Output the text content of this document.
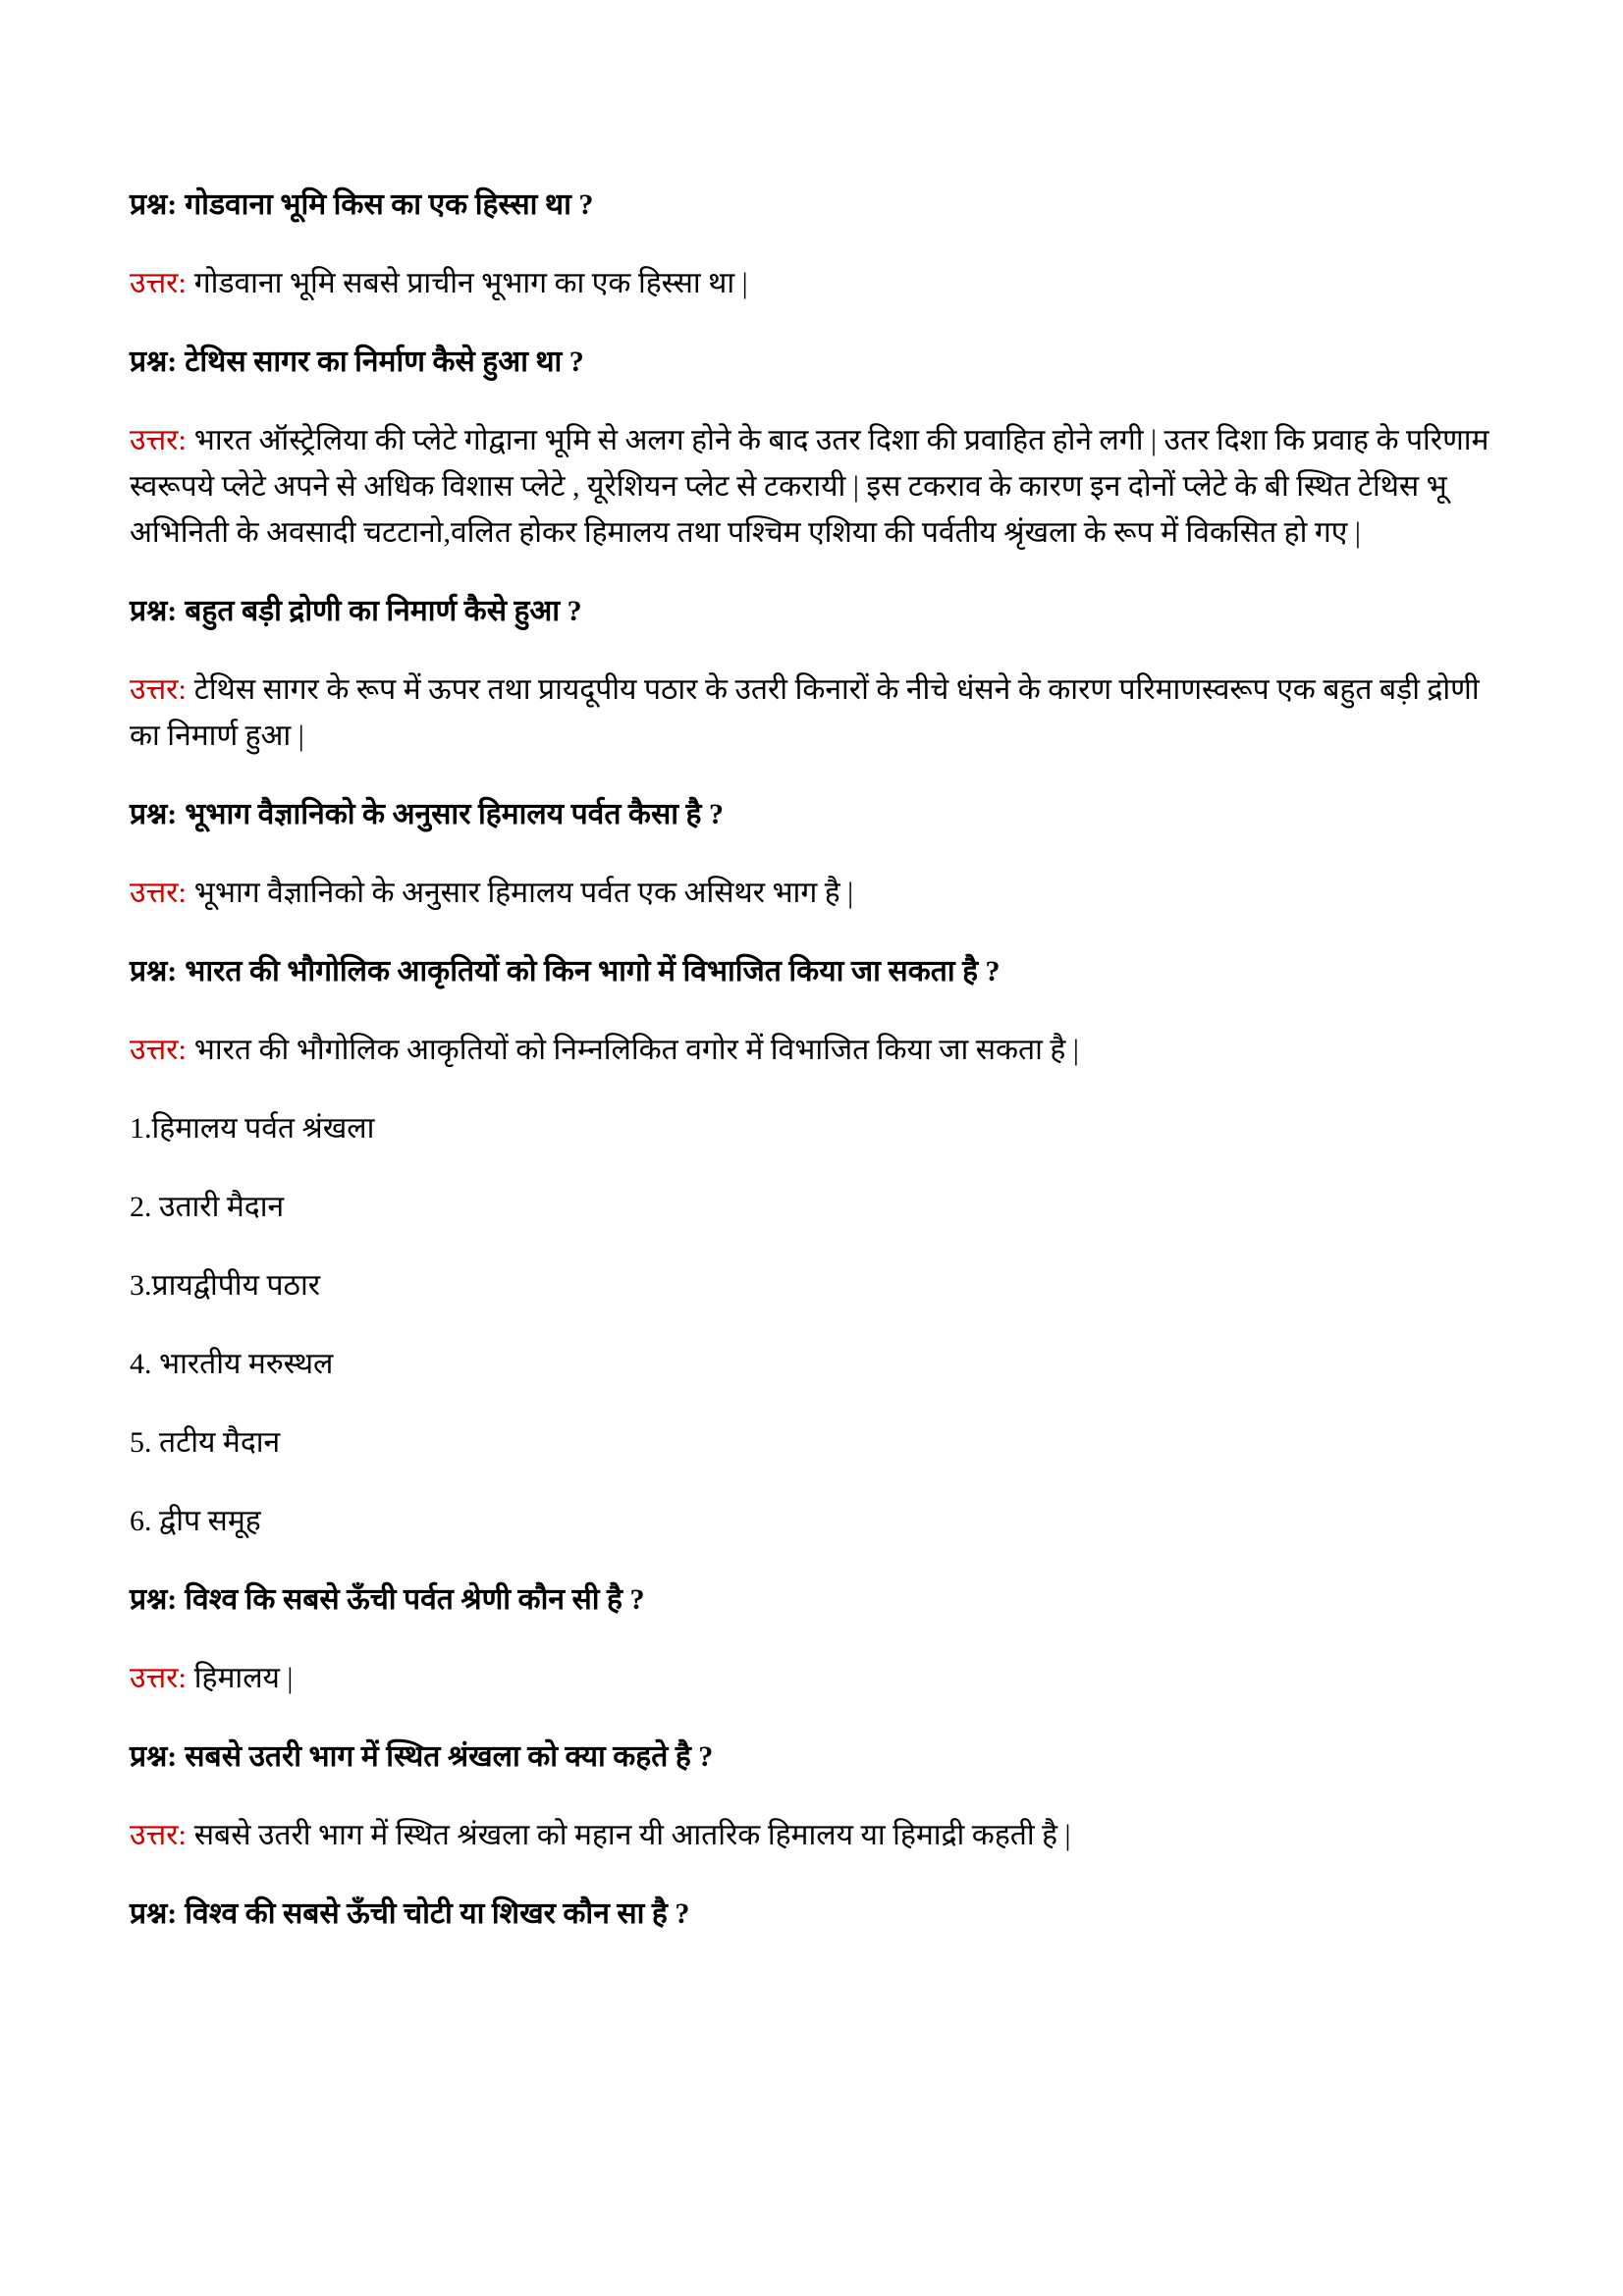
प्रश्न: गोडवाना भूमि किस का एक हिस्सा था ?

उत्तर: गोडवाना भूमि सबसे प्राचीन भूभाग का एक हिस्सा था |

प्रश्न: टेथिस सागर का निर्माण कैसे हुआ था ?

उत्तर: भारत ऑस्ट्रेलिया की प्लेटे गोद्वाना भूमि से अलग होने के बाद उतर दिशा की प्रवाहित होने लगी | उतर दिशा कि प्रवाह के परिणाम स्वरूपये प्लेटे अपने से अधिक विशास प्लेटे , यूरेशियन प्लेट से टकरायी | इस टकराव के कारण इन दोनों प्लेटे के बी स्थित टेथिस भू अभिनिती के अवसादी चटटानो,वलित होकर हिमालय तथा पश्चिम एशिया की पर्वतीय श्रृंखला के रूप में विकसित हो गए |

प्रश्न: बहुत बड़ी द्रोणी का निमार्ण कैसे हुआ ?

उत्तर: टेथिस सागर के रूप में ऊपर तथा प्रायदूपीय पठार के उतरी किनारों के नीचे धंसने के कारण परिमाणस्वरूप एक बहुत बड़ी द्रोणी का निमार्ण हुआ |

प्रश्न: भूभाग वैज्ञानिको के अनुसार हिमालय पर्वत कैसा है ?

उत्तर: भूभाग वैज्ञानिको के अनुसार हिमालय पर्वत एक असिथर भाग है |

प्रश्न: भारत की भौगोलिक आकृतियों को किन भागो में विभाजित किया जा सकता है ?

उत्तर: भारत की भौगोलिक आकृतियों को निम्नलिकित वगोर में विभाजित किया जा सकता है |

1.हिमालय पर्वत श्रंखला

2. उतारी मैदान

3.प्रायद्वीपीय पठार

4. भारतीय मरुस्थल

5. तटीय मैदान

6. द्वीप समूह

प्रश्न: विश्व कि सबसे ऊँची पर्वत श्रेणी कौन सी है ?

उत्तर: हिमालय |

प्रश्न: सबसे उतरी भाग में स्थित श्रंखला को क्या कहते है ?

उत्तर: सबसे उतरी भाग में स्थित श्रंखला को महान यी आतरिक हिमालय या हिमाद्री कहती है |

प्रश्न: विश्व की सबसे ऊँची चोटी या शिखर कौन सा है ?
